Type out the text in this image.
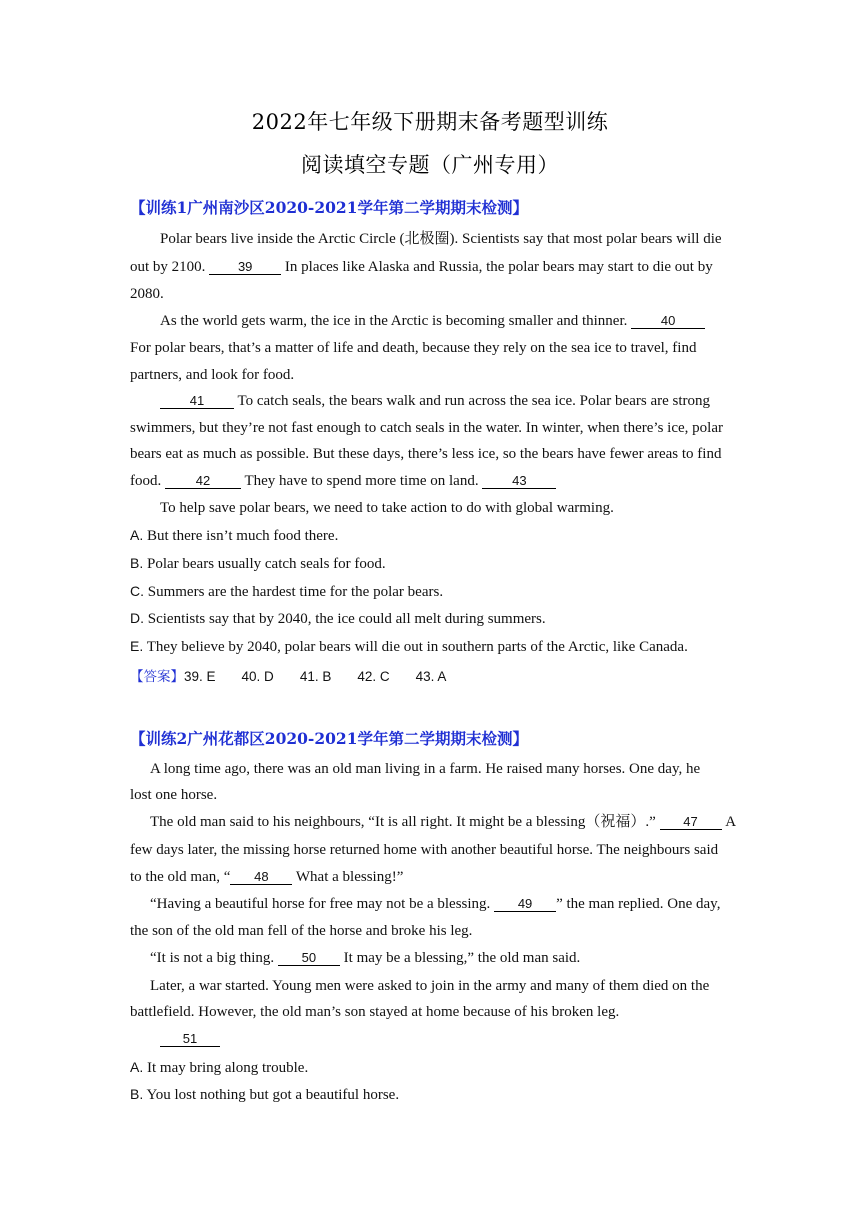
2022年七年级下册期末备考题型训练
阅读填空专题（广州专用）
【训练1广州南沙区2020-2021学年第二学期期末检测】
Polar bears live inside the Arctic Circle (北极圈). Scientists say that most polar bears will die
out by 2100.	39 In places like Alaska and Russia, the polar bears may start to die out by
2080.
As the world gets warm, the ice in the Arctic is becoming smaller and thinner.	40
For polar bears, that’s a matter of life and death, because they rely on the sea ice to travel, find
partners, and look for food.
41 To catch seals, the bears walk and run across the sea ice. Polar bears are strong
swimmers, but they’re not fast enough to catch seals in the water. In winter, when there’s ice, polar
bears eat as much as possible. But these days, there’s less ice, so the bears have fewer areas to find
food.	42 They have to spend more time on land.	43
To help save polar bears, we need to take action to do with global warming.
A. But there isn’t much food there.
B. Polar bears usually catch seals for food.
C. Summers are the hardest time for the polar bears.
D. Scientists say that by 2040, the ice could all melt during summers.
E. They believe by 2040, polar bears will die out in southern parts of the Arctic, like Canada.
【答案】39. E 40. D 41. B 42. C 43. A
【训练2广州花都区2020-2021学年第二学期期末检测】
A long time ago, there was an old man living in a farm. He raised many horses. One day, he
lost one horse.
The old man said to his neighbours, “It is all right. It might be a blessing（祝福）.” 47 A
few days later, the missing horse returned home with another beautiful horse. The neighbours said
to the old man, “ 48 What a blessing!”
“Having a beautiful horse for free may not be a blessing. 49 ” the man replied. One day,
the son of the old man fell of the horse and broke his leg.
“It is not a big thing. 50 It may be a blessing,” the old man said.
Later, a war started. Young men were asked to join in the army and many of them died on the
battlefield. However, the old man’s son stayed at home because of his broken leg.
51
A. It may bring along trouble.
B. You lost nothing but got a beautiful horse.
